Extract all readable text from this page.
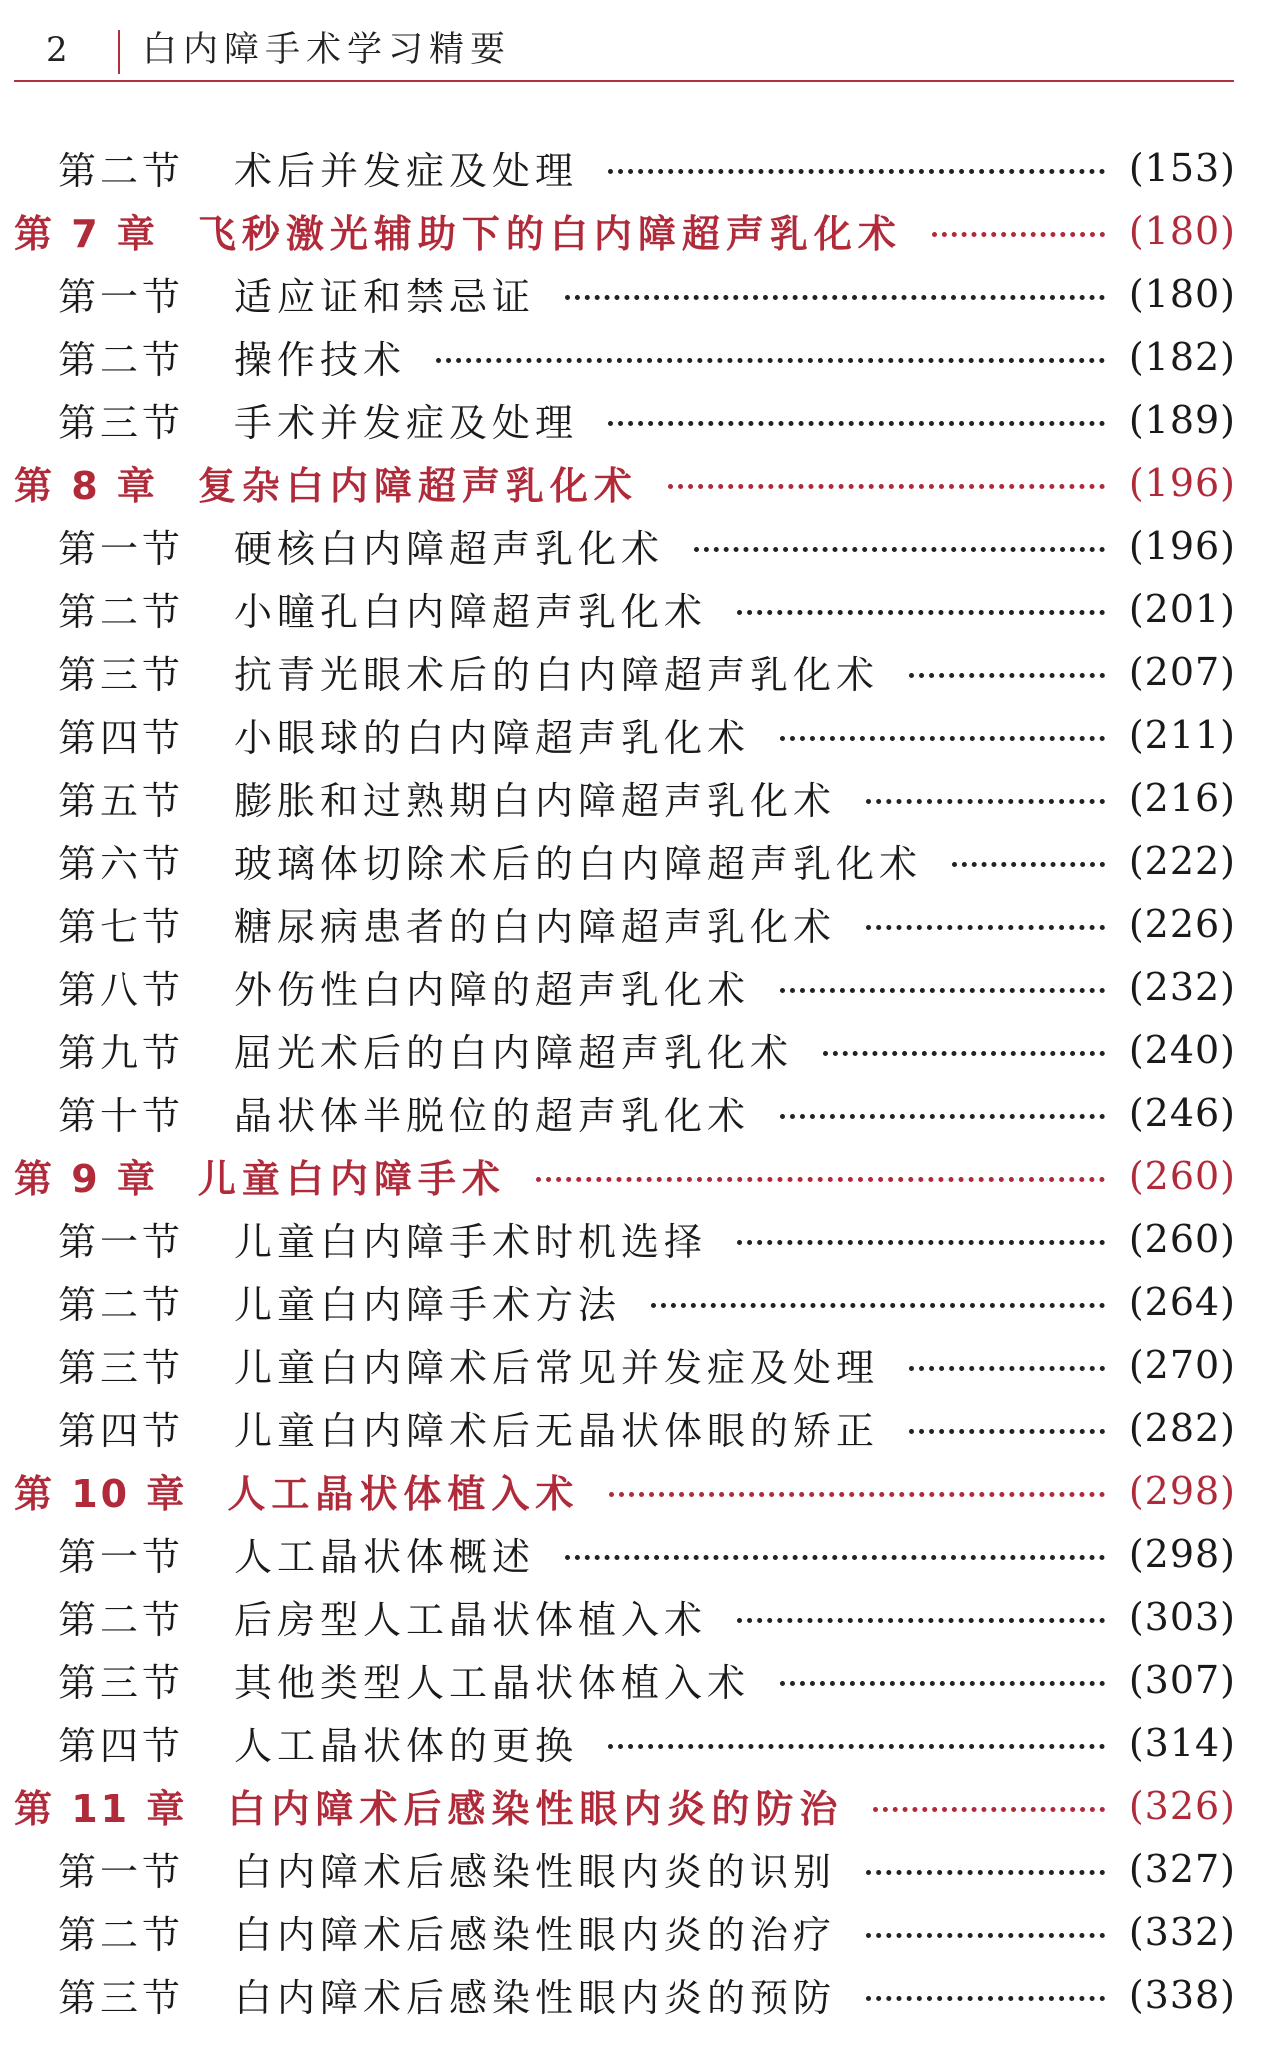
2 白内障手术学习精要
第二节	术后并发症及处理	(153)
第 7 章	飞秒激光辅助下的白内障超声乳化术	(180)
第一节	适应证和禁忌证	(180)
第二节	操作技术	(182)
第三节	手术并发症及处理	(189)
第 8 章	复杂白内障超声乳化术	(196)
第一节	硬核白内障超声乳化术	(196)
第二节	小瞳孔白内障超声乳化术	(201)
第三节	抗青光眼术后的白内障超声乳化术	(207)
第四节	小眼球的白内障超声乳化术	(211)
第五节	膨胀和过熟期白内障超声乳化术	(216)
第六节	玻璃体切除术后的白内障超声乳化术	(222)
第七节	糖尿病患者的白内障超声乳化术	(226)
第八节	外伤性白内障的超声乳化术	(232)
第九节	屈光术后的白内障超声乳化术	(240)
第十节	晶状体半脱位的超声乳化术	(246)
第 9 章	儿童白内障手术	(260)
第一节	儿童白内障手术时机选择	(260)
第二节	儿童白内障手术方法	(264)
第三节	儿童白内障术后常见并发症及处理	(270)
第四节	儿童白内障术后无晶状体眼的矫正	(282)
第 10 章	人工晶状体植入术	(298)
第一节	人工晶状体概述	(298)
第二节	后房型人工晶状体植入术	(303)
第三节	其他类型人工晶状体植入术	(307)
第四节	人工晶状体的更换	(314)
第 11 章	白内障术后感染性眼内炎的防治	(326)
第一节	白内障术后感染性眼内炎的识别	(327)
第二节	白内障术后感染性眼内炎的治疗	(332)
第三节	白内障术后感染性眼内炎的预防	(338)
